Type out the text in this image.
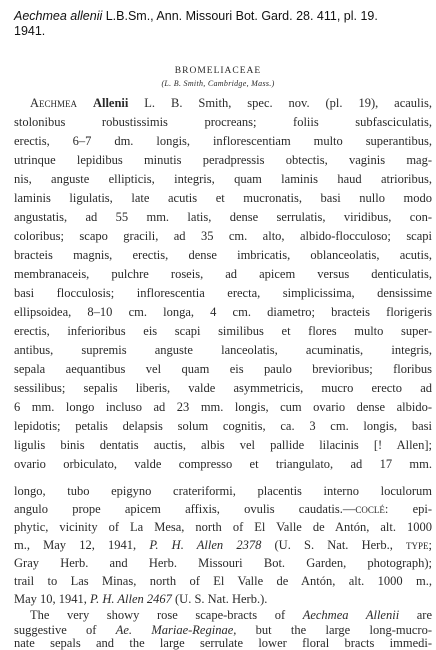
Aechmea allenii L.B.Sm., Ann. Missouri Bot. Gard. 28. 411, pl. 19.
1941.
BROMELIACEAE
(L. B. Smith, Cambridge, Mass.)
Aechmea Allenii L. B. Smith, spec. nov. (pl. 19), acaulis,
stolonibus robustissimis procreans; foliis subfasciculatis,
erectis, 6–7 dm. longis, inflorescentiam multo superantibus,
utrinque lepidibus minutis peradpressis obtectis, vaginis mag-
nis, anguste ellipticis, integris, quam laminis haud atrioribus,
laminis ligulatis, late acutis et mucronatis, basi nullo modo
angustatis, ad 55 mm. latis, dense serrulatis, viridibus, con-
coloribus; scapo gracili, ad 35 cm. alto, albido-flocculoso; scapi
bracteis magnis, erectis, dense imbricatis, oblanceolatis, acutis,
membranaceis, pulchre roseis, ad apicem versus denticulatis,
basi flocculosis; inflorescentia erecta, simplicissima, densissime
ellipsoidea, 8–10 cm. longa, 4 cm. diametro; bracteis florigeris
erectis, inferioribus eis scapi similibus et flores multo super-
antibus, supremis anguste lanceolatis, acuminatis, integris,
sepala aequantibus vel quam eis paulo brevioribus; floribus
sessilibus; sepalis liberis, valde asymmetricis, mucro erecto ad
6 mm. longo incluso ad 23 mm. longis, cum ovario dense albido-
lepidotis; petalis delapsis solum cognitis, ca. 3 cm. longis, basi
ligulis binis dentatis auctis, albis vel pallide lilacinis [! Allen];
ovario orbiculato, valde compresso et triangulato, ad 17 mm.
longo, tubo epigyno crateriformi, placentis interno loculorum
angulo prope apicem affixis, ovulis caudatis.—coclé: epi-
phytic, vicinity of La Mesa, north of El Valle de Antón, alt. 1000
m., May 12, 1941, P. H. Allen 2378 (U. S. Nat. Herb., type;
Gray Herb. and Herb. Missouri Bot. Garden, photograph);
trail to Las Minas, north of El Valle de Antón, alt. 1000 m.,
May 10, 1941, P. H. Allen 2467 (U. S. Nat. Herb.).
The very showy rose scape-bracts of Aechmea Allenii are
suggestive of Ae. Mariae-Reginae, but the large long-mucro-
nate sepals and the large serrulate lower floral bracts immedi-
